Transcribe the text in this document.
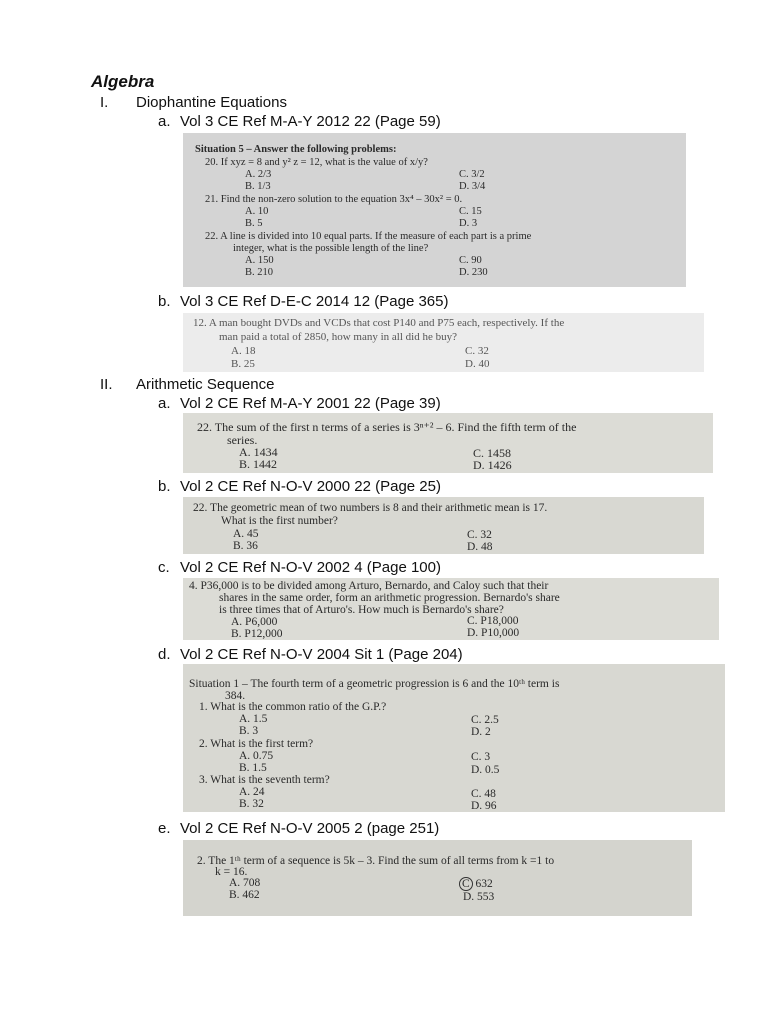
Algebra
I. Diophantine Equations
a. Vol 3 CE Ref M-A-Y 2012 22 (Page 59)
Situation 5 – Answer the following problems:
20. If xyz = 8 and y² z = 12, what is the value of x/y?
A. 2/3	C. 3/2
B. 1/3	D. 3/4
21. Find the non-zero solution to the equation 3x⁴ – 30x² = 0.
A. 10	C. 15
B. 5	D. 3
22. A line is divided into 10 equal parts. If the measure of each part is a prime
integer, what is the possible length of the line?
A. 150	C. 90
B. 210	D. 230
b. Vol 3 CE Ref D-E-C 2014 12 (Page 365)
12. A man bought DVDs and VCDs that cost P140 and P75 each, respectively. If the
man paid a total of 2850, how many in all did he buy?
A. 18	C. 32
B. 25	D. 40
II. Arithmetic Sequence
a. Vol 2 CE Ref M-A-Y 2001 22 (Page 39)
22. The sum of the first n terms of a series is 3ⁿ⁺² – 6. Find the fifth term of the
series.
A. 1434	C. 1458
B. 1442	D. 1426
b. Vol 2 CE Ref N-O-V 2000 22 (Page 25)
22. The geometric mean of two numbers is 8 and their arithmetic mean is 17.
What is the first number?
A. 45	C. 32
B. 36	D. 48
c. Vol 2 CE Ref N-O-V 2002 4 (Page 100)
4. P36,000 is to be divided among Arturo, Bernardo, and Caloy such that their
shares in the same order, form an arithmetic progression. Bernardo's share
is three times that of Arturo's. How much is Bernardo's share?
A. P6,000	C. P18,000
B. P12,000	D. P10,000
d. Vol 2 CE Ref N-O-V 2004 Sit 1 (Page 204)
Situation 1 – The fourth term of a geometric progression is 6 and the 10ᵗʰ term is
384.
1. What is the common ratio of the G.P.?
A. 1.5	C. 2.5
B. 3	D. 2
2. What is the first term?
A. 0.75	C. 3
B. 1.5	D. 0.5
3. What is the seventh term?
A. 24	C. 48
B. 32	D. 96
e. Vol 2 CE Ref N-O-V 2005 2 (page 251)
2. The 1ᵗʰ term of a sequence is 5k – 3. Find the sum of all terms from k =1 to
k = 16.
A. 708	C 632
B. 462	D. 553
